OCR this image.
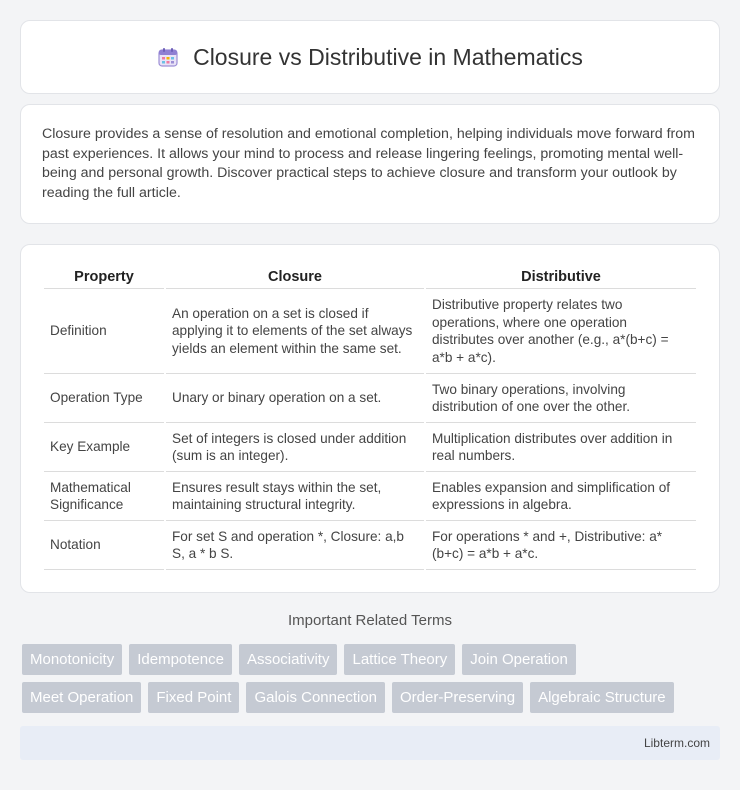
Closure vs Distributive in Mathematics

Closure provides a sense of resolution and emotional completion, helping individuals move forward from past experiences. It allows your mind to process and release lingering feelings, promoting mental well-being and personal growth. Discover practical steps to achieve closure and transform your outlook by reading the full article.

Property	Closure	Distributive
Definition	An operation on a set is closed if applying it to elements of the set always yields an element within the same set.	Distributive property relates two operations, where one operation distributes over another (e.g., a*(b+c) = a*b + a*c).
Operation Type	Unary or binary operation on a set.	Two binary operations, involving distribution of one over the other.
Key Example	Set of integers is closed under addition (sum is an integer).	Multiplication distributes over addition in real numbers.
Mathematical Significance	Ensures result stays within the set, maintaining structural integrity.	Enables expansion and simplification of expressions in algebra.
Notation	For set S and operation *, Closure: a,b S, a * b S.	For operations * and +, Distributive: a*(b+c) = a*b + a*c.
Important Related Terms
Monotonicity	Idempotence	Associativity	Lattice Theory	Join Operation
Meet Operation	Fixed Point	Galois Connection	Order-Preserving	Algebraic Structure
Libterm.com
